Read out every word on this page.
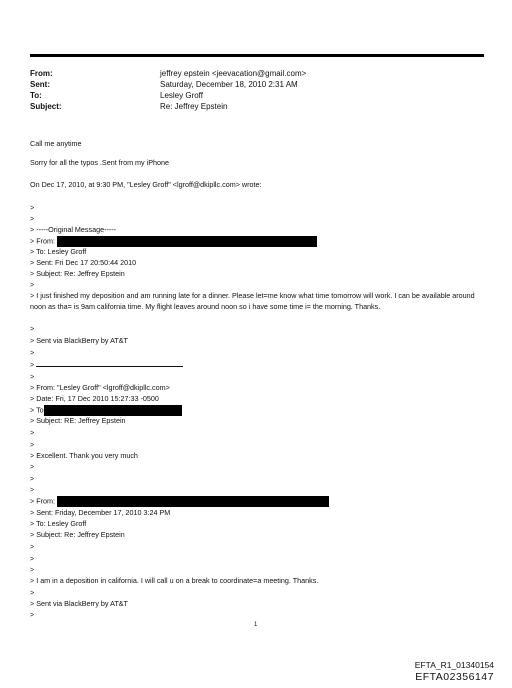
From:	jeffrey epstein <jeevacation@gmail.com>
Sent:	Saturday, December 18, 2010 2:31 AM
To:	Lesley Groff
Subject:	Re: Jeffrey Epstein
Call me anytime
Sorry for all the typos .Sent from my iPhone
On Dec 17, 2010, at 9:30 PM, "Lesley Groff" <lgroff@dkipllc.com> wrote:
>
>
> -----Original Message-----
> From:
> To: Lesley Groff
> Sent: Fri Dec 17 20:50:44 2010
> Subject: Re: Jeffrey Epstein
>
> I just finished my deposition and am running late for a dinner. Please let=me know what time tomorrow will work. I can be available around noon as tha= is 9am california time. My flight leaves around noon so i have some time i= the morning. Thanks.
>
> Sent via BlackBerry by AT&T
>
>
>
> From: "Lesley Groff" <lgroff@dkipllc.com>
> Date: Fri, 17 Dec 2010 15:27:33 -0500
> To
> Subject: RE: Jeffrey Epstein
>
>
> Excellent. Thank you very much
>
>
>
> From:
> Sent: Friday, December 17, 2010 3:24 PM
> To: Lesley Groff
> Subject: Re: Jeffrey Epstein
>
>
>
> I am in a deposition in california. I will call u on a break to coordinate=a meeting. Thanks.
>
> Sent via BlackBerry by AT&T
>
1
EFTA_R1_01340154
EFTA02356147
